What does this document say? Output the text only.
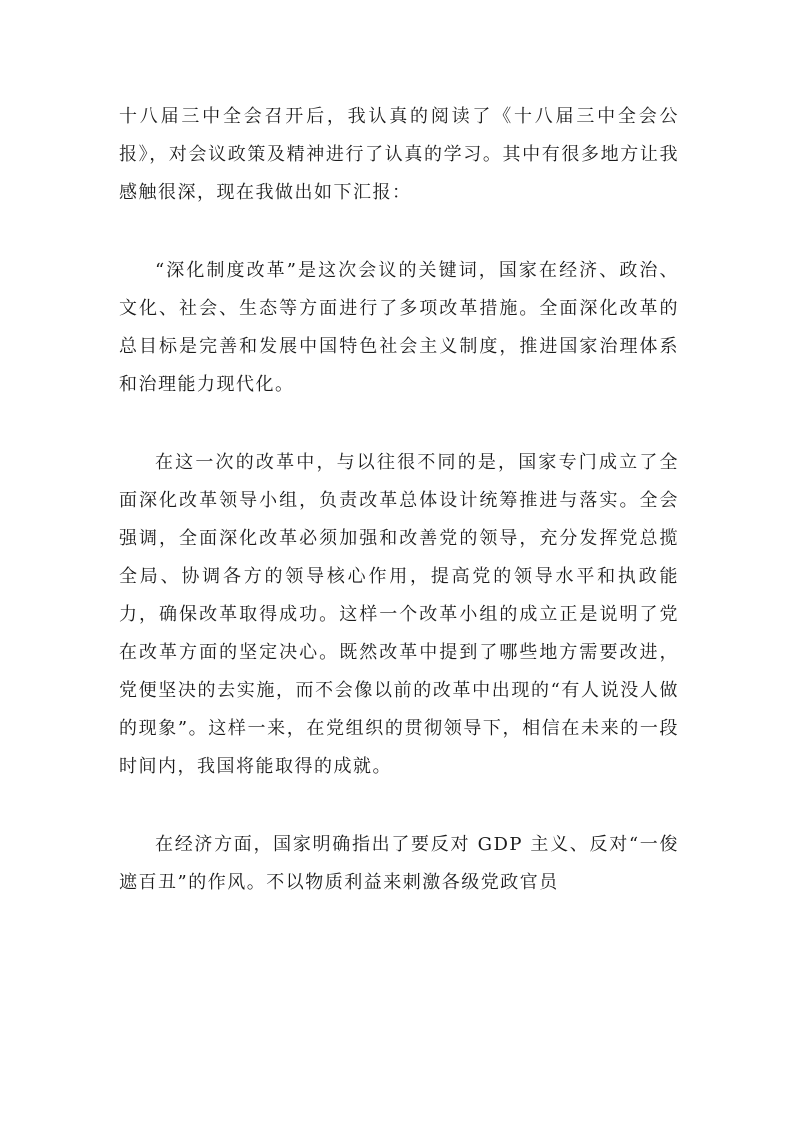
十八届三中全会召开后，我认真的阅读了《十八届三中全会公报》，对会议政策及精神进行了认真的学习。其中有很多地方让我感触很深，现在我做出如下汇报：

“深化制度改革”是这次会议的关键词，国家在经济、政治、文化、社会、生态等方面进行了多项改革措施。全面深化改革的总目标是完善和发展中国特色社会主义制度，推进国家治理体系和治理能力现代化。

在这一次的改革中，与以往很不同的是，国家专门成立了全面深化改革领导小组，负责改革总体设计统筹推进与落实。全会强调，全面深化改革必须加强和改善党的领导，充分发挥党总揽全局、协调各方的领导核心作用，提高党的领导水平和执政能力，确保改革取得成功。这样一个改革小组的成立正是说明了党在改革方面的坚定决心。既然改革中提到了哪些地方需要改进，党便坚决的去实施，而不会像以前的改革中出现的“有人说没人做的现象”。这样一来，在党组织的贯彻领导下，相信在未来的一段时间内，我国将能取得的成就。

在经济方面，国家明确指出了要反对 GDP 主义、反对“一俊遮百丑”的作风。不以物质利益来刺激各级党政官员
